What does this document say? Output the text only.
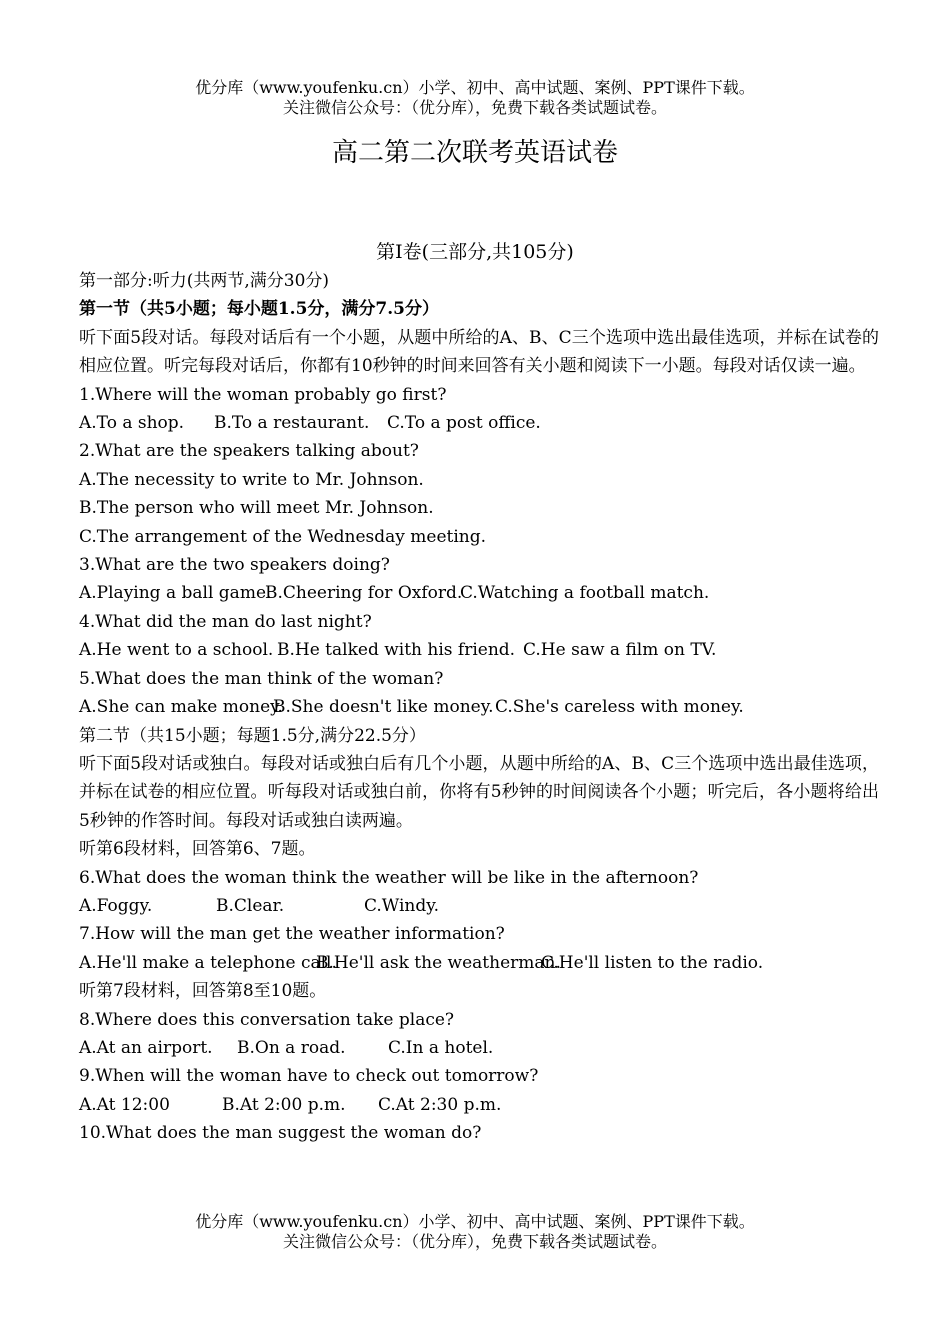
优分库（www.youfenku.cn）小学、初中、高中试题、案例、PPT课件下载。
关注微信公众号：（优分库），免费下载各类试题试卷。
高二第二次联考英语试卷
第Ⅰ卷(三部分,共105分)
第一部分:听力(共两节,满分30分)
第一节（共5小题；每小题1.5分，满分7.5分）
听下面5段对话。每段对话后有一个小题，从题中所给的A、B、C三个选项中选出最佳选项，并标在试卷的相应位置。听完每段对话后，你都有10秒钟的时间来回答有关小题和阅读下一小题。每段对话仅读一遍。
1.Where will the woman probably go first?
A.To a shop. B.To a restaurant. C.To a post office.
2.What are the speakers talking about?
A.The necessity to write to Mr. Johnson.
B.The person who will meet Mr. Johnson.
C.The arrangement of the Wednesday meeting.
3.What are the two speakers doing?
A.Playing a ball game.B.Cheering for Oxford.C.Watching a football match.
4.What did the man do last night?
A.He went to a school. B.He talked with his friend. C.He saw a film on TV.
5.What does the man think of the woman?
A.She can make money.B.She doesn't like money.C.She's careless with money.
第二节（共15小题；每题1.5分,满分22.5分）
听下面5段对话或独白。每段对话或独白后有几个小题，从题中所给的A、B、C三个选项中选出最佳选项，并标在试卷的相应位置。听每段对话或独白前，你将有5秒钟的时间阅读各个小题；听完后，各小题将给出5秒钟的作答时间。每段对话或独白读两遍。
听第6段材料，回答第6、7题。
6.What does the woman think the weather will be like in the afternoon?
A.Foggy.	B.Clear.	C.Windy.
7.How will the man get the weather information?
A.He'll make a telephone call.B.He'll ask the weatherman.C.He'll listen to the radio.
听第7段材料，回答第8至10题。
8.Where does this conversation take place?
A.At an airport. B.On a road. C.In a hotel.
9.When will the woman have to check out tomorrow?
A.At 12:00	B.At 2:00 p.m. C.At 2:30 p.m.
10.What does the man suggest the woman do?
优分库（www.youfenku.cn）小学、初中、高中试题、案例、PPT课件下载。
关注微信公众号：（优分库），免费下载各类试题试卷。
